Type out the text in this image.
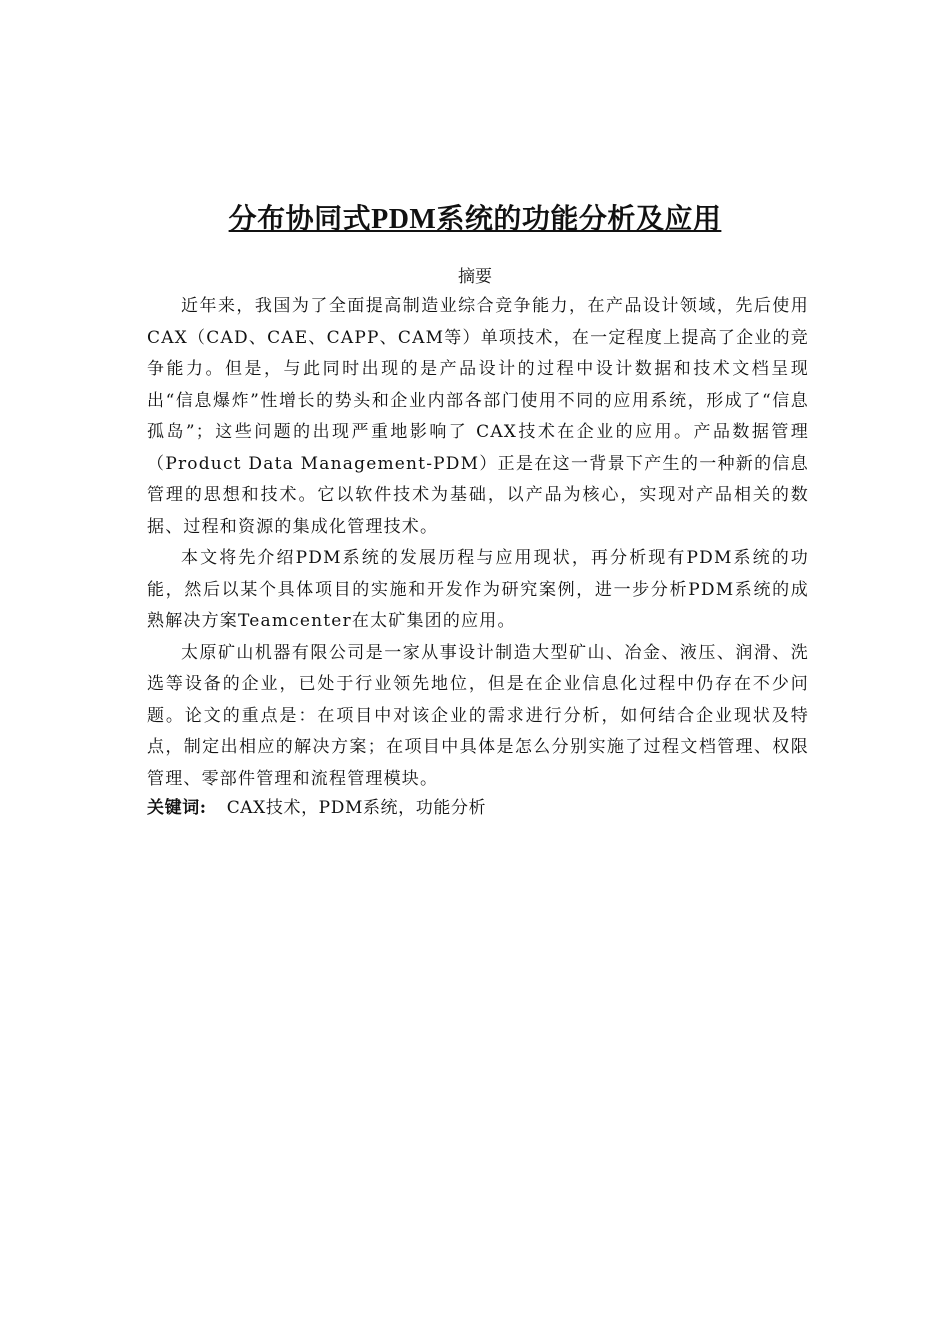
分布协同式PDM系统的功能分析及应用
摘要

近年来，我国为了全面提高制造业综合竞争能力，在产品设计领域，先后使用CAX（CAD、CAE、CAPP、CAM等）单项技术，在一定程度上提高了企业的竞争能力。但是，与此同时出现的是产品设计的过程中设计数据和技术文档呈现出“信息爆炸”性增长的势头和企业内部各部门使用不同的应用系统，形成了“信息孤岛”；这些问题的出现严重地影响了 CAX技术在企业的应用。产品数据管理（Product Data Management-PDM）正是在这一背景下产生的一种新的信息管理的思想和技术。它以软件技术为基础，以产品为核心，实现对产品相关的数据、过程和资源的集成化管理技术。

本文将先介绍PDM系统的发展历程与应用现状，再分析现有PDM系统的功能，然后以某个具体项目的实施和开发作为研究案例，进一步分析PDM系统的成熟解决方案Teamcenter在太矿集团的应用。

太原矿山机器有限公司是一家从事设计制造大型矿山、冶金、液压、润滑、洗选等设备的企业，已处于行业领先地位，但是在企业信息化过程中仍存在不少问题。论文的重点是：在项目中对该企业的需求进行分析，如何结合企业现状及特点，制定出相应的解决方案；在项目中具体是怎么分别实施了过程文档管理、权限管理、零部件管理和流程管理模块。

关键词: CAX技术，PDM系统，功能分析
